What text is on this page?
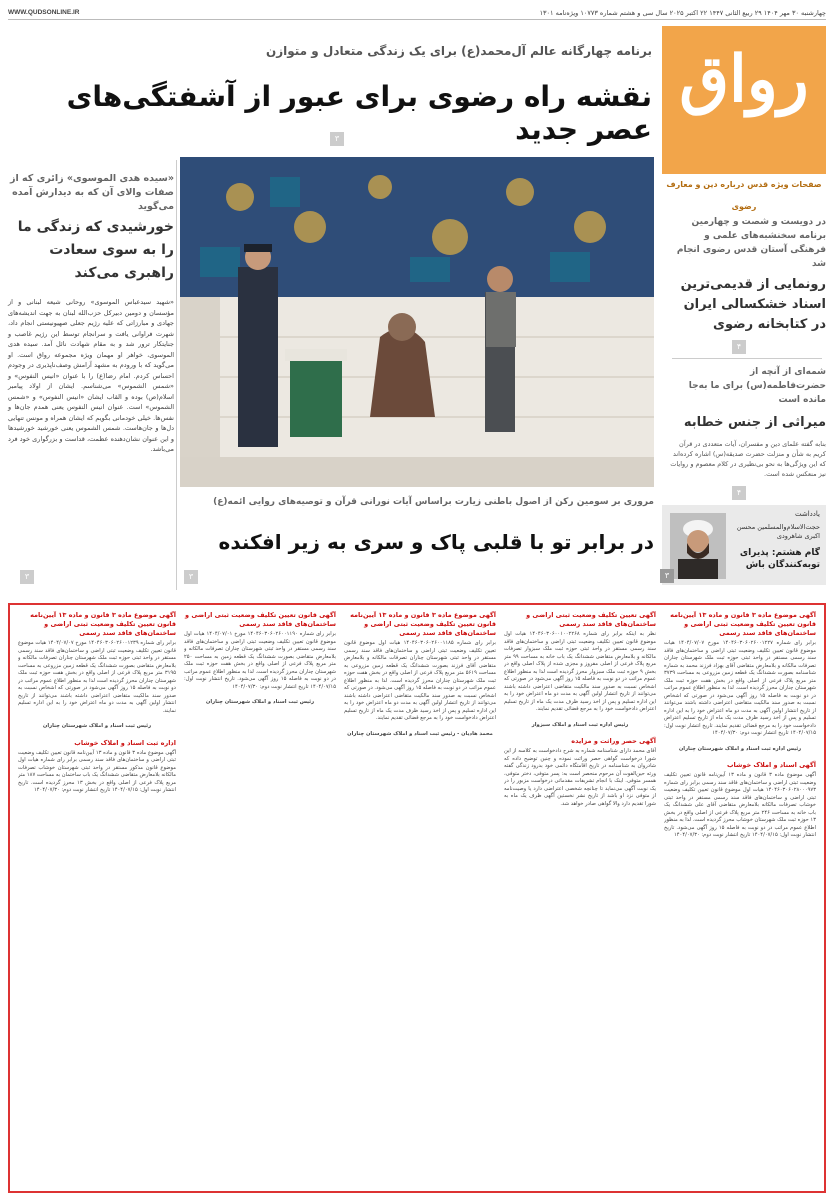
WWW.QUDSONLINE.IR	چهارشنبه ۳۰ مهر ۱۴۰۴ ۲۹ ربیع الثانی ۱۴۴۷ ۲۲ اکتبر ۲۰۲۵ سال سی و هشتم شماره ۱۰۷۷۳ ویژه‌نامه ۱۳۰۱
رواق
صفحات ویژه قدس درباره دین و معارف رضوی
برنامه چهارگانه عالم آل‌محمد(ع) برای یک زندگی متعادل و متوازن
نقشه راه رضوی برای عبور از آشفتگی‌های عصر جدید
۳
در دویست و شصت و چهارمین برنامه سخنشبه‌های علمی و فرهنگی آستان قدس رضوی انجام شد
رونمایی از قدیمی‌ترین اسناد خشکسالی ایران در کتابخانه رضوی
۴
شمه‌ای از آنچه از حضرت‌فاطمه(س) برای ما به‌جا مانده است
میراثی از جنس خطابه
بنابه گفته علمای دین و مفسران، آیات متعددی در قرآن کریم به شأن و منزلت حضرت صدیقه(س) اشاره کرده‌اند که این ویژگی‌ها به نحو بی‌نظیری در کلام معصوم و روایات نیز منعکس شده است.
۴
«سیده هدی الموسوی» زائری که از صفات والای آن که به دیدارش آمده می‌گوید
خورشیدی که زندگی ما را به سوی سعادت راهبری می‌کند
«شهید سیدعباس الموسوی» روحانی شیعه لبنانی و از مؤسسان و دومین دبیرکل حزب‌الله لبنان به جهت اندیشه‌های جهادی و مبارزاتی که علیه رژیم جعلی صهیونیستی انجام داد، شهرت فراوانی یافت و سرانجام توسط این رژیم غاصب و جنایتکار ترور شد و به مقام شهادت نائل آمد. سیده هدی الموسوی، خواهر او مهمان ویژه مجموعه رواق است. او می‌گوید که با ورودم به مشهد آرامش وصف‌ناپذیری در وجودم احساس کردم. امام رضا(ع) را با عنوان «انیس النفوس» و «شمس الشموس» می‌شناسم. ایشان از اولاد پیامبر اسلام(ص) بوده و القاب ایشان «انیس النفوس» و «شمس الشموس» است. عنوان انیس النفوس یعنی همدم جان‌ها و نفس‌ها. خیلی خودمانی بگویم که ایشان همراه و مونس تنهایی دل‌ها و جان‌هاست. شمس الشموس یعنی خورشید خورشیدها و این عنوان نشان‌دهنده عظمت، قداست و بزرگواری خود فرد می‌باشد.
۳
مروری بر سومین رکن از اصول باطنی زیارت براساس آیات نورانی قرآن و توصیه‌های روایی ائمه(ع)
در برابر تو با قلبی پاک و سری به زیر افکنده
۳
یادداشت
حجت‌الاسلام‌والمسلمین محسن اکبری شاهرودی
گام هشتم: پذیرای توبه‌کنندگان باش
۳
آگهی موضوع ماده ۳ قانون و ماده ۱۳ آیین‌نامه قانون تعیین تکلیف وضعیت ثبتی اراضی و ساختمان‌های فاقد سند رسمی
برابر رای شماره ۱۴۰۴۶۰۳۰۶۰۲۶۰۰۱۲۲۷ مورخ ۱۴۰۴/۰۷/۰۷ هیات موضوع قانون تعیین تکلیف وضعیت ثبتی اراضی و ساختمان‌های فاقد سند رسمی مستقر در واحد ثبتی حوزه ثبت ملک شهرستان چناران تصرفات مالکانه و بلامعارض متقاضی آقای بهزاد فرزند محمد به شماره شناسنامه بصورت ششدانگ یک قطعه زمین مزروعی به مساحت ۳۷۳۹ متر مربع پلاک فرعی از اصلی واقع در بخش هفت حوزه ثبت ملک شهرستان چناران محرز گردیده است. لذا به منظور اطلاع عموم مراتب در دو نوبت به فاصله ۱۵ روز آگهی می‌شود در صورتی که اشخاص نسبت به صدور سند مالکیت متقاضی اعتراضی داشته باشند می‌توانند از تاریخ انتشار اولین آگهی به مدت دو ماه اعتراض خود را به این اداره تسلیم و پس از اخذ رسید ظرف مدت یک ماه از تاریخ تسلیم اعتراض دادخواست خود را به مرجع قضائی تقدیم نمایند. تاریخ انتشار نوبت اول: ۱۴۰۴/۰۷/۱۵ تاریخ انتشار نوبت دوم: ۱۴۰۴/۰۷/۳۰
رئیس اداره ثبت اسناد و املاک شهرستان چناران
آگهی اسناد و املاک خوشاب
آگهی موضوع ماده ۳ قانون و ماده ۱۳ آیین‌نامه قانون تعیین تکلیف وضعیت ثبتی اراضی و ساختمان‌های فاقد سند رسمی برابر رای شماره ۱۴۰۴۶۰۳۰۶۰۲۸۰۰۰۹۷۳ هیات اول موضوع قانون تعیین تکلیف وضعیت ثبتی اراضی و ساختمان‌های فاقد سند رسمی مستقر در واحد ثبتی خوشاب تصرفات مالکانه بلامعارض متقاضی آقای علی ششدانگ یک باب خانه به مساحت ۲۴۶ متر مربع پلاک فرعی از اصلی واقع در بخش ۱۳ حوزه ثبت ملک شهرستان خوشاب محرز گردیده است. لذا به منظور اطلاع عموم مراتب در دو نوبت به فاصله ۱۵ روز آگهی می‌شود. تاریخ انتشار نوبت اول: ۱۴۰۴/۰۷/۱۵ تاریخ انتشار نوبت دوم: ۱۴۰۴/۰۷/۳۰
آگهی تعیین تکلیف وضعیت ثبتی اراضی و ساختمان‌های فاقد سند رسمی
نظر به اینکه برابر رای شماره ۱۴۰۴۶۰۳۰۶۰۰۱۰۰۲۲۶۸ هیات اول موضوع قانون تعیین تکلیف وضعیت ثبتی اراضی و ساختمان‌های فاقد سند رسمی مستقر در واحد ثبتی حوزه ثبت ملک سبزوار تصرفات مالکانه و بلامعارض متقاضی ششدانگ یک باب خانه به مساحت ۹۹ متر مربع پلاک فرعی از اصلی مفروز و مجزی شده از پلاک اصلی واقع در بخش ۹ حوزه ثبت ملک سبزوار محرز گردیده است لذا به منظور اطلاع عموم مراتب در دو نوبت به فاصله ۱۵ روز آگهی می‌شود در صورتی که اشخاص نسبت به صدور سند مالکیت متقاضی اعتراضی داشته باشند می‌توانند از تاریخ انتشار اولین آگهی به مدت دو ماه اعتراض خود را به این اداره تسلیم و پس از اخذ رسید ظرف مدت یک ماه از تاریخ تسلیم اعتراض دادخواست خود را به مرجع قضائی تقدیم نمایند.
رئیس اداره ثبت اسناد و املاک سبزوار
آگهی حصر وراثت و مزایده
آقای محمد دارای شناسنامه شماره به شرح دادخواست به کلاسه از این شورا درخواست گواهی حصر وراثت نموده و چنین توضیح داده که شادروان به شناسنامه در تاریخ اقامتگاه دائمی خود بدرود زندگی گفته ورثه حین‌الفوت آن مرحوم منحصر است به: پسر متوفی، دختر متوفی، همسر متوفی. اینک با انجام تشریفات مقدماتی درخواست مزبور را در یک نوبت آگهی می‌نماید تا چنانچه شخصی اعتراضی دارد یا وصیت‌نامه از متوفی نزد او باشد از تاریخ نشر نخستین آگهی ظرف یک ماه به شورا تقدیم دارد والا گواهی صادر خواهد شد.
آگهی موضوع ماده ۳ قانون و ماده ۱۳ آیین‌نامه قانون تعیین تکلیف وضعیت ثبتی اراضی و ساختمان‌های فاقد سند رسمی
برابر رای شماره ۱۴۰۴۶۰۳۰۶۰۲۶۰۰۱۱۸۵ هیات اول موضوع قانون تعیین تکلیف وضعیت ثبتی اراضی و ساختمان‌های فاقد سند رسمی مستقر در واحد ثبتی شهرستان چناران تصرفات مالکانه و بلامعارض متقاضی آقای فرزند بصورت ششدانگ یک قطعه زمین مزروعی به مساحت ۵۶۱۹ متر مربع پلاک فرعی از اصلی واقع در بخش هفت حوزه ثبت ملک شهرستان چناران محرز گردیده است. لذا به منظور اطلاع عموم مراتب در دو نوبت به فاصله ۱۵ روز آگهی می‌شود. در صورتی که اشخاص نسبت به صدور سند مالکیت متقاضی اعتراضی داشته باشند می‌توانند از تاریخ انتشار اولین آگهی به مدت دو ماه اعتراض خود را به این اداره تسلیم و پس از اخذ رسید ظرف مدت یک ماه از تاریخ تسلیم اعتراض دادخواست خود را به مرجع قضائی تقدیم نمایند.
محمد هادیان - رئیس ثبت اسناد و املاک شهرستان چناران
آگهی قانون تعیین تکلیف وضعیت ثبتی اراضی و ساختمان‌های فاقد سند رسمی
برابر رای شماره ۱۴۰۴۶۰۳۰۶۰۲۶۰۰۱۱۹۰ مورخ ۱۴۰۴/۰۷/۰۱ هیات اول موضوع قانون تعیین تکلیف وضعیت ثبتی اراضی و ساختمان‌های فاقد سند رسمی مستقر در واحد ثبتی شهرستان چناران تصرفات مالکانه و بلامعارض متقاضی بصورت ششدانگ یک قطعه زمین به مساحت ۲۵۰ متر مربع پلاک فرعی از اصلی واقع در بخش هفت حوزه ثبت ملک شهرستان چناران محرز گردیده است. لذا به منظور اطلاع عموم مراتب در دو نوبت به فاصله ۱۵ روز آگهی می‌شود. تاریخ انتشار نوبت اول: ۱۴۰۴/۰۷/۱۵ تاریخ انتشار نوبت دوم: ۱۴۰۴/۰۷/۳۰
رئیس ثبت اسناد و املاک شهرستان چناران
آگهی موضوع ماده ۳ قانون و ماده ۱۳ آیین‌نامه قانون تعیین تکلیف وضعیت ثبتی اراضی و ساختمان‌های فاقد سند رسمی
برابر رای شماره ۱۴۰۴۶۰۳۰۶۰۲۶۰۰۱۲۳۹ مورخ ۱۴۰۴/۰۷/۰۷ هیات موضوع قانون تعیین تکلیف وضعیت ثبتی اراضی و ساختمان‌های فاقد سند رسمی مستقر در واحد ثبتی حوزه ثبت ملک شهرستان چناران تصرفات مالکانه و بلامعارض متقاضی بصورت ششدانگ یک قطعه زمین مزروعی به مساحت ۳۱۹۵ متر مربع پلاک فرعی از اصلی واقع در بخش هفت حوزه ثبت ملک شهرستان چناران محرز گردیده است لذا به منظور اطلاع عموم مراتب در دو نوبت به فاصله ۱۵ روز آگهی می‌شود در صورتی که اشخاص نسبت به صدور سند مالکیت متقاضی اعتراضی داشته باشند می‌توانند از تاریخ انتشار اولین آگهی به مدت دو ماه اعتراض خود را به این اداره تسلیم نمایند.
رئیس ثبت اسناد و املاک شهرستان چناران
اداره ثبت اسناد و املاک خوشاب
آگهی موضوع ماده ۳ قانون و ماده ۱۳ آیین‌نامه قانون تعیین تکلیف وضعیت ثبتی اراضی و ساختمان‌های فاقد سند رسمی برابر رای شماره هیات اول موضوع قانون مذکور مستقر در واحد ثبتی شهرستان خوشاب تصرفات مالکانه بلامعارض متقاضی ششدانگ یک باب ساختمان به مساحت ۱۸۷ متر مربع پلاک فرعی از اصلی واقع در بخش ۱۳ محرز گردیده است. تاریخ انتشار نوبت اول: ۱۴۰۴/۰۷/۱۵ تاریخ انتشار نوبت دوم: ۱۴۰۴/۰۷/۳۰
